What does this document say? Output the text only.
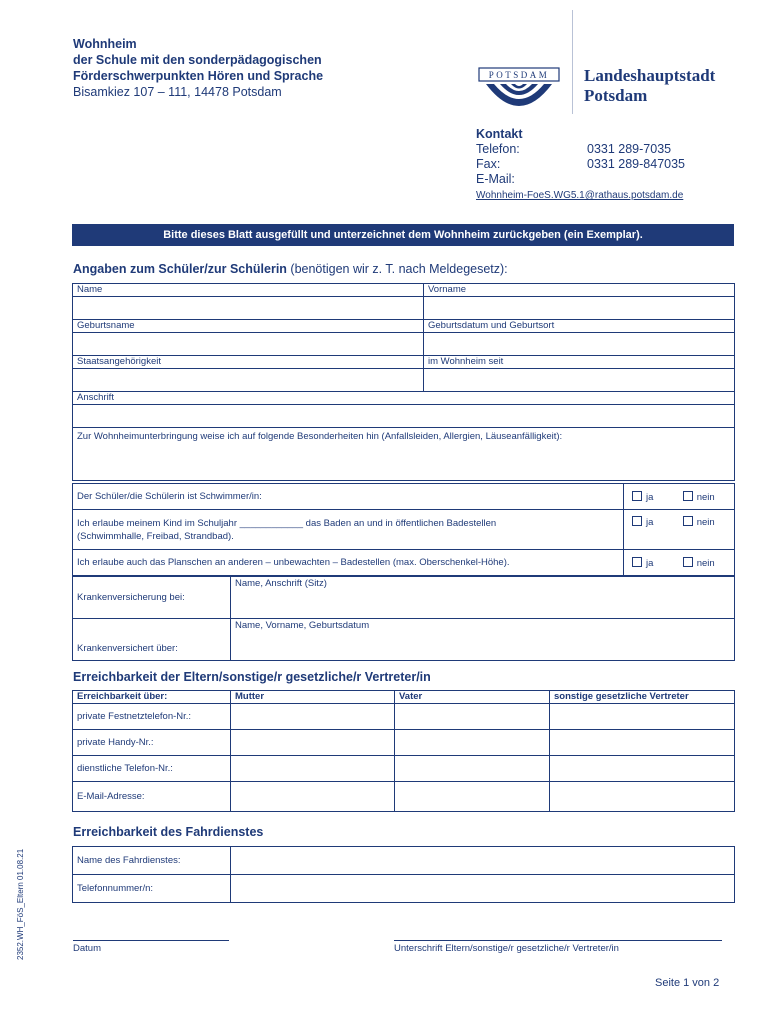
Wohnheim
der Schule mit den sonderpädagogischen
Förderschwerpunkten Hören und Sprache
Bisamkiez 107 – 111, 14478 Potsdam
POTSDAM Landeshauptstadt
Potsdam
Kontakt
Telefon:	0331 289-7035
Fax:	0331 289-847035
E-Mail:
Wohnheim-FoeS.WG5.1@rathaus.potsdam.de
Bitte dieses Blatt ausgefüllt und unterzeichnet dem Wohnheim zurückgeben (ein Exemplar).
Angaben zum Schüler/zur Schülerin (benötigen wir z. T. nach Meldegesetz):
Name	Vorname

Geburtsname	Geburtsdatum und Geburtsort

Staatsangehörigkeit	im Wohnheim seit

Anschrift	

Zur Wohnheimunterbringung weise ich auf folgende Besonderheiten hin (Anfallsleiden, Allergien, Läuseanfälligkeit):	
Der Schüler/die Schülerin ist Schwimmer/in:	ja nein

Ich erlaube meinem Kind im Schuljahr ____________ das Baden an und in öffentlichen Badestellen
(Schwimmhalle, Freibad, Strandbad).	ja nein
Ich erlaube auch das Planschen an anderen – unbewachten – Badestellen (max. Oberschenkel-Höhe).	ja nein
Krankenversicherung bei:	Name, Anschrift (Sitz)
Krankenversichert über:	Name, Vorname, Geburtsdatum
Erreichbarkeit der Eltern/sonstige/r gesetzliche/r Vertreter/in
Erreichbarkeit über:	Mutter	Vater	sonstige gesetzliche Vertreter
private Festnetztelefon-Nr.:			
private Handy-Nr.:			
dienstliche Telefon-Nr.:			
E-Mail-Adresse:			
Erreichbarkeit des Fahrdienstes
Name des Fahrdienstes:	
Telefonnummer/n:	
Datum	Unterschrift Eltern/sonstige/r gesetzliche/r Vertreter/in
Seite 1 von 2
2352.WH_FöS_Eltern 01.08.21
